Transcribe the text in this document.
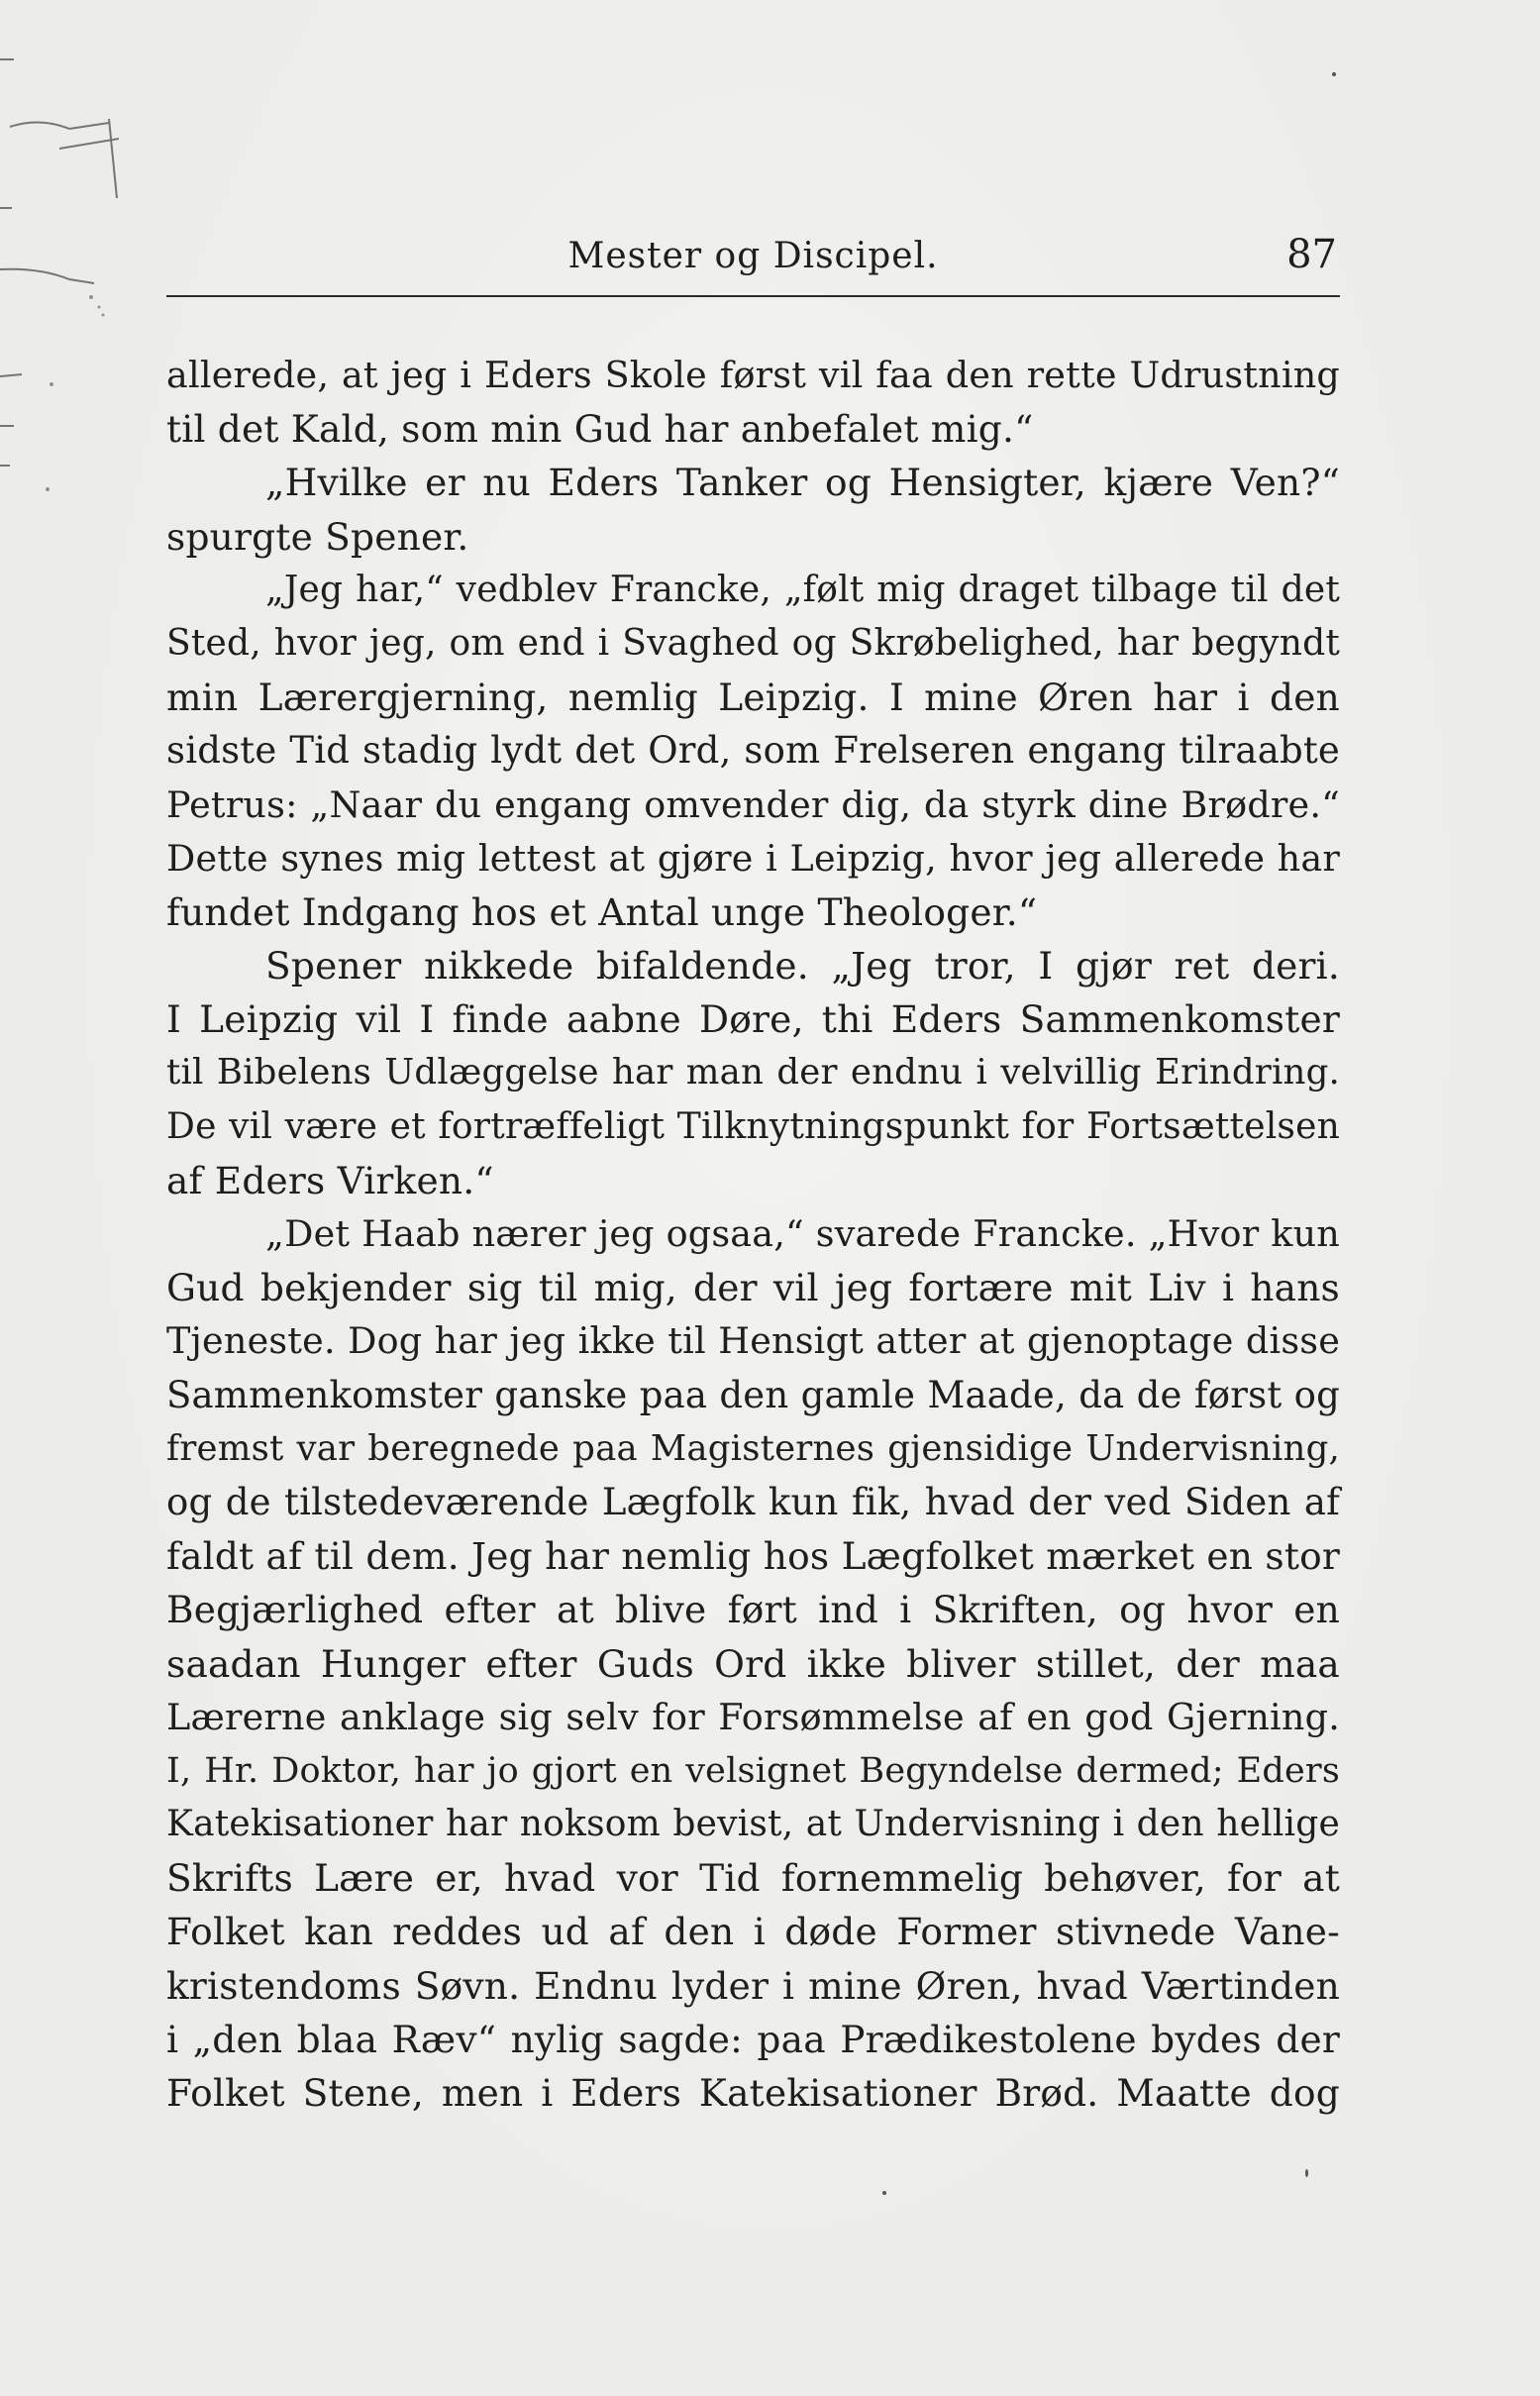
Mester og Discipel.	87
allerede, at jeg i Eders Skole først vil faa den rette Udrustning
til det Kald, som min Gud har anbefalet mig.“
„Hvilke er nu Eders Tanker og Hensigter, kjære Ven?“
spurgte Spener.
„Jeg har,“ vedblev Francke, „følt mig draget tilbage til det
Sted, hvor jeg, om end i Svaghed og Skrøbelighed, har begyndt
min Lærergjerning, nemlig Leipzig. I mine Øren har i den
sidste Tid stadig lydt det Ord, som Frelseren engang tilraabte
Petrus: „Naar du engang omvender dig, da styrk dine Brødre.“
Dette synes mig lettest at gjøre i Leipzig, hvor jeg allerede har
fundet Indgang hos et Antal unge Theologer.“
Spener nikkede bifaldende. „Jeg tror, I gjør ret deri.
I Leipzig vil I finde aabne Døre, thi Eders Sammenkomster
til Bibelens Udlæggelse har man der endnu i velvillig Erindring.
De vil være et fortræffeligt Tilknytningspunkt for Fortsættelsen
af Eders Virken.“
„Det Haab nærer jeg ogsaa,“ svarede Francke. „Hvor kun
Gud bekjender sig til mig, der vil jeg fortære mit Liv i hans
Tjeneste. Dog har jeg ikke til Hensigt atter at gjenoptage disse
Sammenkomster ganske paa den gamle Maade, da de først og
fremst var beregnede paa Magisternes gjensidige Undervisning,
og de tilstedeværende Lægfolk kun fik, hvad der ved Siden af
faldt af til dem. Jeg har nemlig hos Lægfolket mærket en stor
Begjærlighed efter at blive ført ind i Skriften, og hvor en
saadan Hunger efter Guds Ord ikke bliver stillet, der maa
Lærerne anklage sig selv for Forsømmelse af en god Gjerning.
I, Hr. Doktor, har jo gjort en velsignet Begyndelse dermed; Eders
Katekisationer har noksom bevist, at Undervisning i den hellige
Skrifts Lære er, hvad vor Tid fornemmelig behøver, for at
Folket kan reddes ud af den i døde Former stivnede Vane-
kristendoms Søvn. Endnu lyder i mine Øren, hvad Værtinden
i „den blaa Ræv“ nylig sagde: paa Prædikestolene bydes der
Folket Stene, men i Eders Katekisationer Brød. Maatte dog
